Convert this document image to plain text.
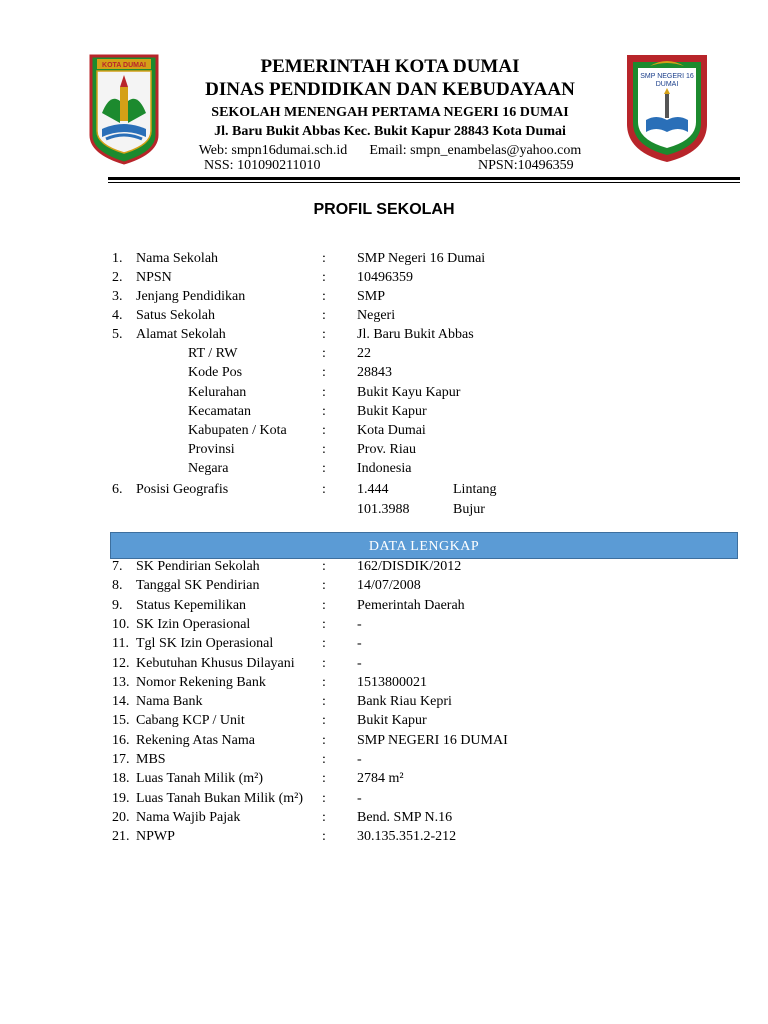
KOTA DUMAI
SMP NEGERI 16
DUMAI
PEMERINTAH KOTA DUMAI
DINAS PENDIDIKAN DAN KEBUDAYAAN
SEKOLAH MENENGAH PERTAMA NEGERI 16 DUMAI
Jl. Baru Bukit Abbas Kec. Bukit Kapur 28843 Kota Dumai
Web: smpn16dumai.sch.id Email: smpn_enambelas@yahoo.com
NSS: 101090211010	NPSN:10496359
PROFIL SEKOLAH
1. Nama Sekolah	: SMP Negeri 16 Dumai
2. NPSN	: 10496359
3. Jenjang Pendidikan	: SMP
4. Satus Sekolah	: Negeri
5. Alamat Sekolah	: Jl. Baru Bukit Abbas
RT / RW	: 22
Kode Pos	: 28843
Kelurahan	: Bukit Kayu Kapur
Kecamatan	: Bukit Kapur
Kabupaten / Kota	: Kota Dumai
Provinsi	: Prov. Riau
Negara	: Indonesia
6. Posisi Geografis	: 1.444	Lintang
101.3988	Bujur
DATA LENGKAP
7. SK Pendirian Sekolah	: 162/DISDIK/2012
8. Tanggal SK Pendirian	: 14/07/2008
9. Status Kepemilikan	: Pemerintah Daerah
10. SK Izin Operasional	: -
11. Tgl SK Izin Operasional	: -
12. Kebutuhan Khusus Dilayani : -
13. Nomor Rekening Bank	: 1513800021
14. Nama Bank	: Bank Riau Kepri
15. Cabang KCP / Unit	: Bukit Kapur
16. Rekening Atas Nama	: SMP NEGERI 16 DUMAI
17. MBS	: -
18. Luas Tanah Milik (m²)	: 2784 m²
19. Luas Tanah Bukan Milik (m²) : -
20. Nama Wajib Pajak	: Bend. SMP N.16
21. NPWP	: 30.135.351.2-212
